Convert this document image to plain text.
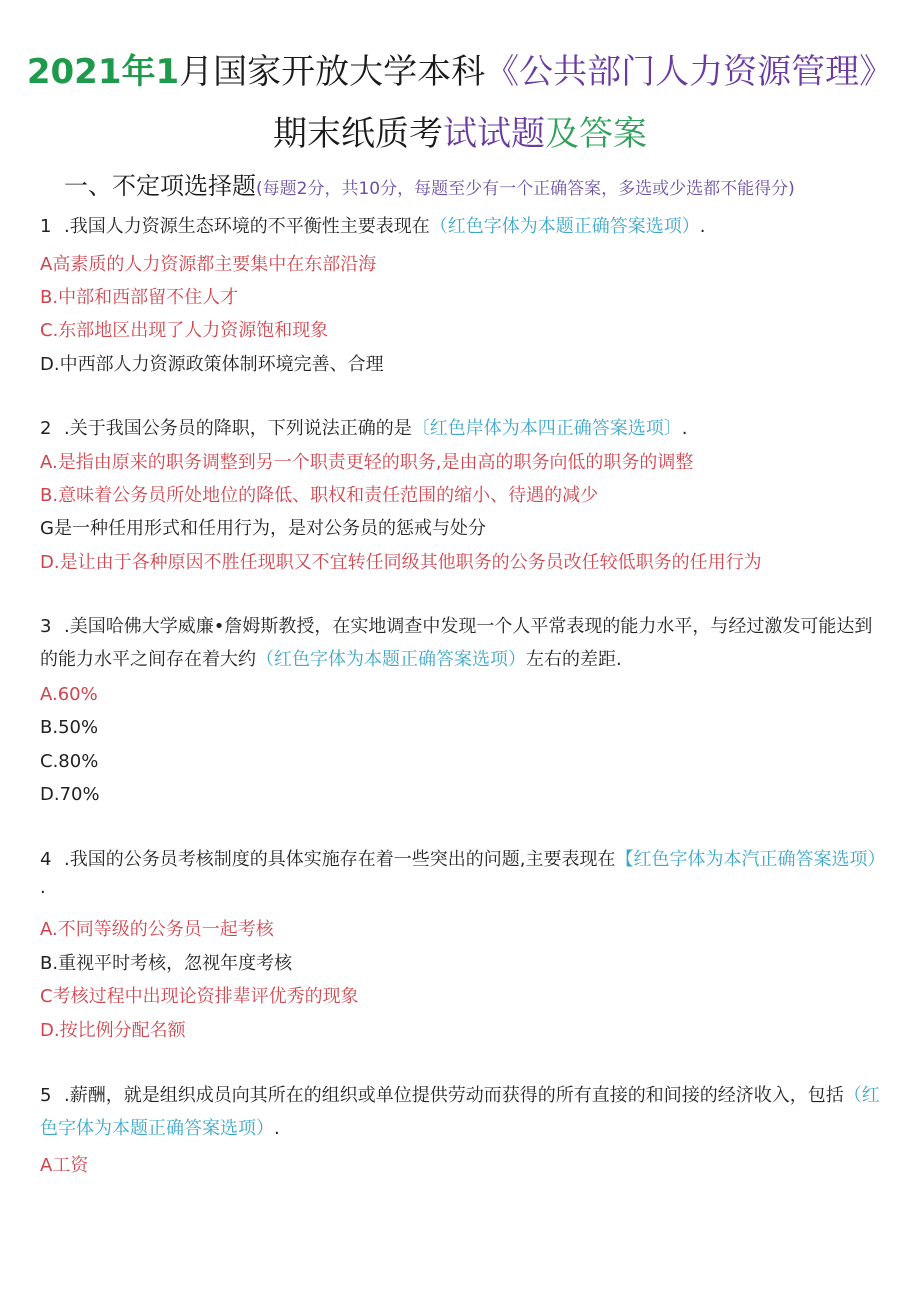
2021年1月国家开放大学本科《公共部门人力资源管理》
期末纸质考试试题及答案
一、不定项选择题(每题2分，共10分，每题至少有一个正确答案，多选或少选都不能得分)
1 .我国人力资源生态环境的不平衡性主要表现在（红色字体为本题正确答案选项）.
A高素质的人力资源都主要集中在东部沿海
B.中部和西部留不住人才
C.东部地区出现了人力资源饱和现象
D.中西部人力资源政策体制环境完善、合理
2 .关于我国公务员的降职，下列说法正确的是〔红色岸体为本四正确答案选项〕.
A.是指由原来的职务调整到另一个职责更轻的职务,是由高的职务向低的职务的调整
B.意味着公务员所处地位的降低、职权和责任范围的缩小、待遇的减少
G是一种任用形式和任用行为，是对公务员的惩戒与处分
D.是让由于各种原因不胜任现职又不宜转任同级其他职务的公务员改任较低职务的任用行为
3 .美国哈佛大学威廉•詹姆斯教授，在实地调查中发现一个人平常表现的能力水平，与经过激发可能达到的能力水平之间存在着大约（红色字体为本题正确答案选项）左右的差距.
A.60%
B.50%
C.80%
D.70%
4 .我国的公务员考核制度的具体实施存在着一些突出的问题,主要表现在【红色字体为本汽正确答案选项）·
A.不同等级的公务员一起考核
B.重视平时考核，忽视年度考核
C考核过程中出现论资排辈评优秀的现象
D.按比例分配名额
5 .薪酬，就是组织成员向其所在的组织或单位提供劳动而获得的所有直接的和间接的经济收入，包括（红色字体为本题正确答案选项）.
A工资
